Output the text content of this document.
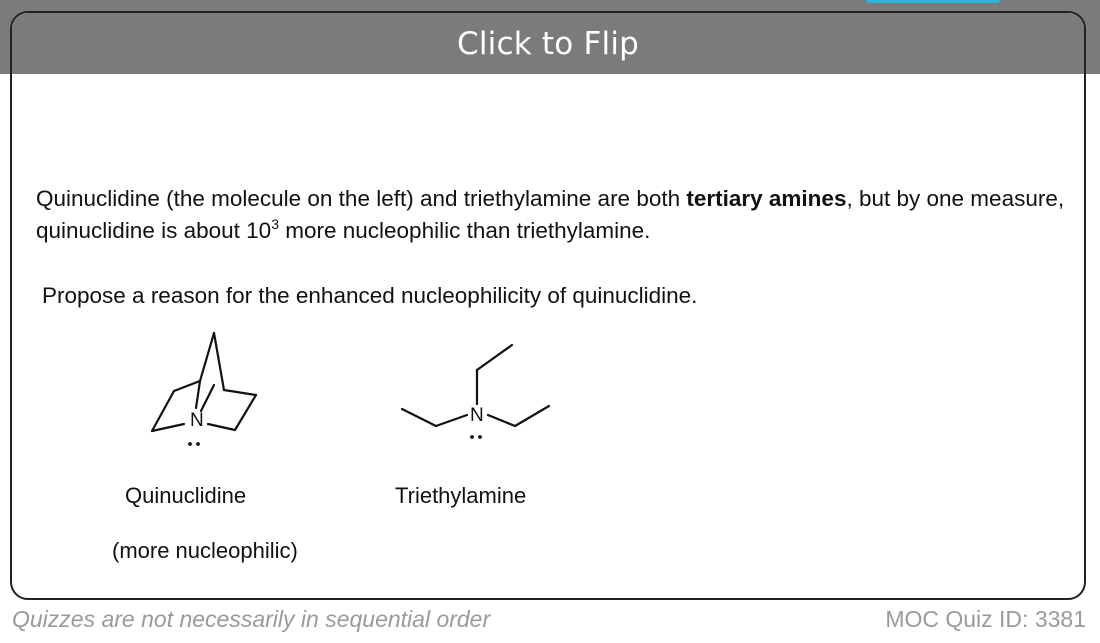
Click to Flip
Quinuclidine (the molecule on the left) and triethylamine are both tertiary amines, but by one measure, quinuclidine is about $10^3$ more nucleophilic than triethylamine.
Propose a reason for the enhanced nucleophilicity of quinuclidine.
N	N
Quinuclidine
(more nucleophilic)
Triethylamine
Quizzes are not necessarily in sequential order	MOC Quiz ID: 3381
